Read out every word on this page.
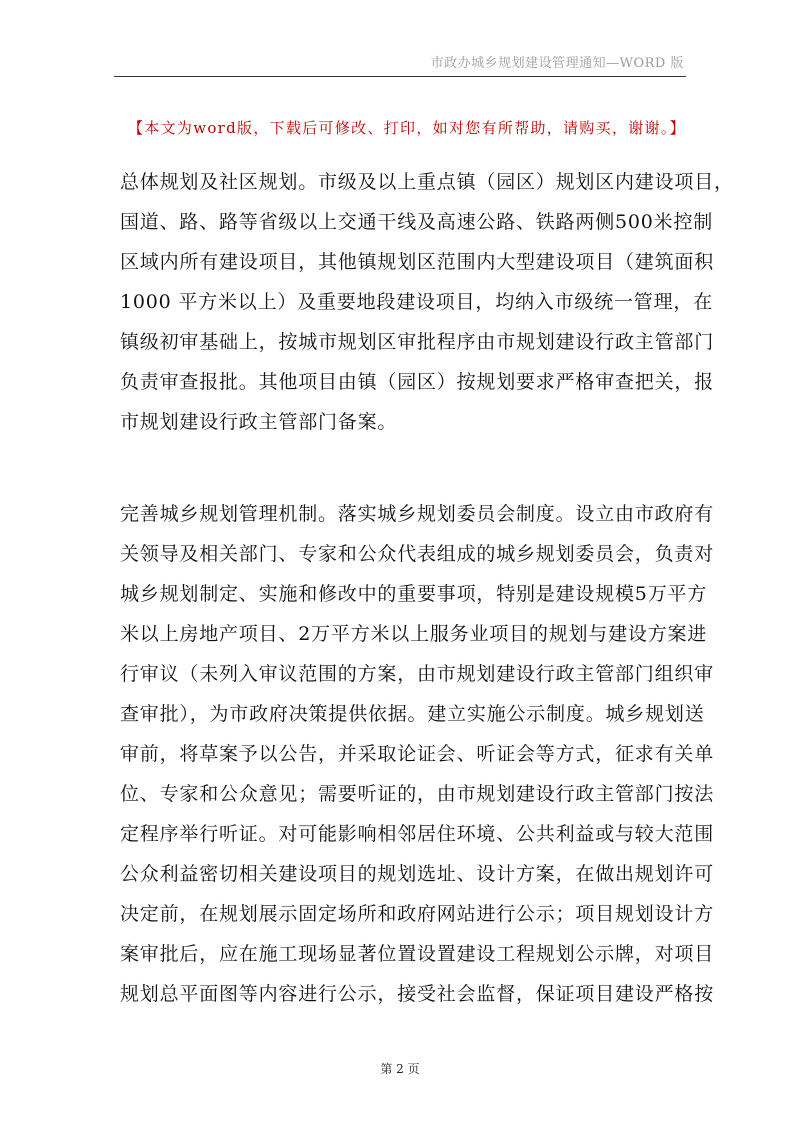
市政办城乡规划建设管理通知—WORD 版
【本文为word版，下载后可修改、打印，如对您有所帮助，请购买，谢谢。】
总体规划及社区规划。市级及以上重点镇（园区）规划区内建设项目，
国道、路、路等省级以上交通干线及高速公路、铁路两侧500米控制
区域内所有建设项目，其他镇规划区范围内大型建设项目（建筑面积
1000 平方米以上）及重要地段建设项目，均纳入市级统一管理，在
镇级初审基础上，按城市规划区审批程序由市规划建设行政主管部门
负责审查报批。其他项目由镇（园区）按规划要求严格审查把关，报
市规划建设行政主管部门备案。
完善城乡规划管理机制。落实城乡规划委员会制度。设立由市政府有
关领导及相关部门、专家和公众代表组成的城乡规划委员会，负责对
城乡规划制定、实施和修改中的重要事项，特别是建设规模5万平方
米以上房地产项目、2万平方米以上服务业项目的规划与建设方案进
行审议（未列入审议范围的方案，由市规划建设行政主管部门组织审
查审批），为市政府决策提供依据。建立实施公示制度。城乡规划送
审前，将草案予以公告，并采取论证会、听证会等方式，征求有关单
位、专家和公众意见；需要听证的，由市规划建设行政主管部门按法
定程序举行听证。对可能影响相邻居住环境、公共利益或与较大范围
公众利益密切相关建设项目的规划选址、设计方案，在做出规划许可
决定前，在规划展示固定场所和政府网站进行公示；项目规划设计方
案审批后，应在施工现场显著位置设置建设工程规划公示牌，对项目
规划总平面图等内容进行公示，接受社会监督，保证项目建设严格按
第 2 页
